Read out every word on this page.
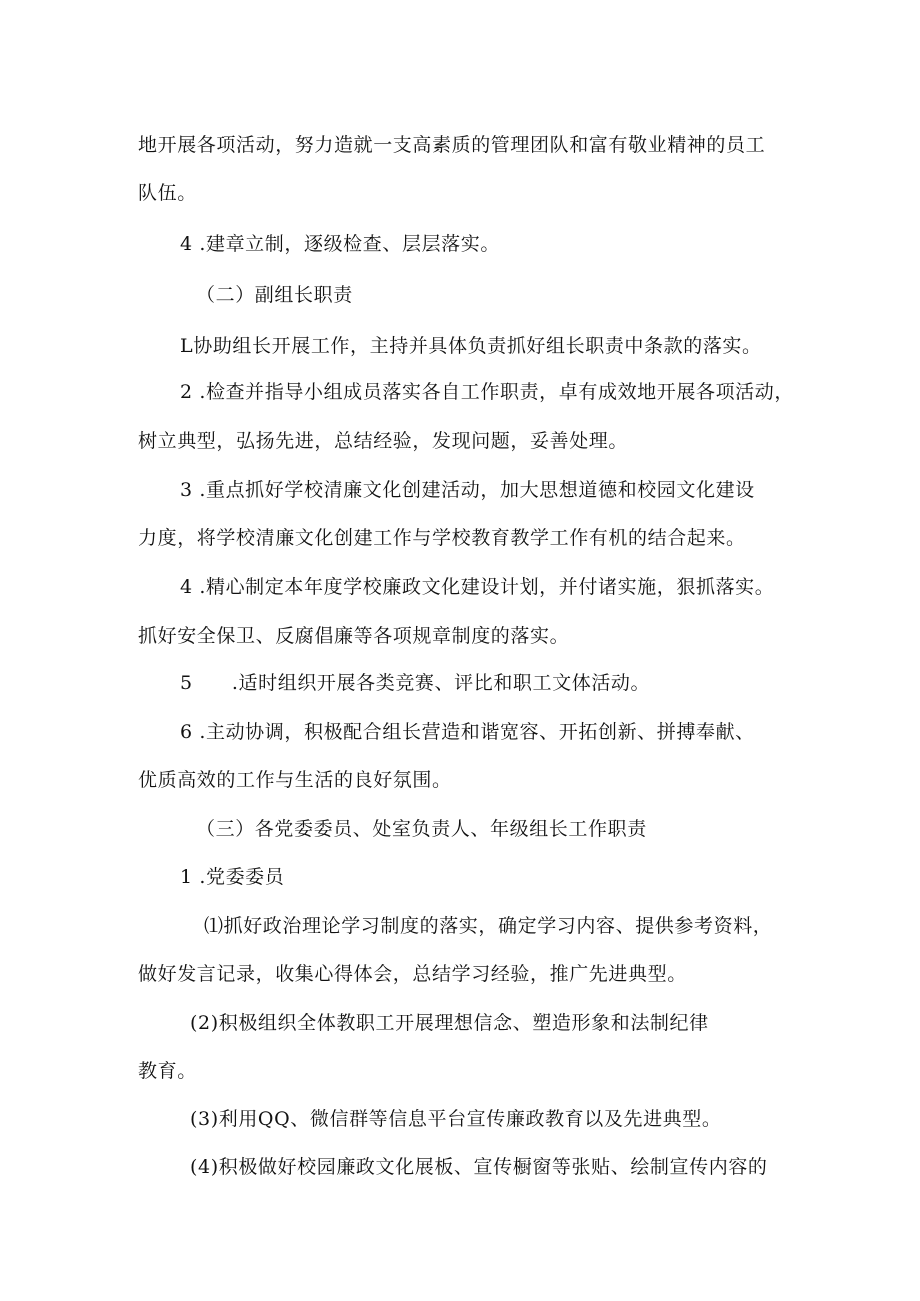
地开展各项活动，努力造就一支高素质的管理团队和富有敬业精神的员工
队伍。
4 .建章立制，逐级检查、层层落实。
（二）副组长职责
L协助组长开展工作，主持并具体负责抓好组长职责中条款的落实。
2 .检查并指导小组成员落实各自工作职责，卓有成效地开展各项活动，
树立典型，弘扬先进，总结经验，发现问题，妥善处理。
3 .重点抓好学校清廉文化创建活动，加大思想道德和校园文化建设
力度，将学校清廉文化创建工作与学校教育教学工作有机的结合起来。
4 .精心制定本年度学校廉政文化建设计划，并付诸实施，狠抓落实。
抓好安全保卫、反腐倡廉等各项规章制度的落实。
5　　.适时组织开展各类竞赛、评比和职工文体活动。
6 .主动协调，积极配合组长营造和谐宽容、开拓创新、拼搏奉献、
优质高效的工作与生活的良好氛围。
（三）各党委委员、处室负责人、年级组长工作职责
1 .党委委员
⑴抓好政治理论学习制度的落实，确定学习内容、提供参考资料，
做好发言记录，收集心得体会，总结学习经验，推广先进典型。
(2)积极组织全体教职工开展理想信念、塑造形象和法制纪律
教育。
(3)利用QQ、微信群等信息平台宣传廉政教育以及先进典型。
(4)积极做好校园廉政文化展板、宣传橱窗等张贴、绘制宣传内容的
